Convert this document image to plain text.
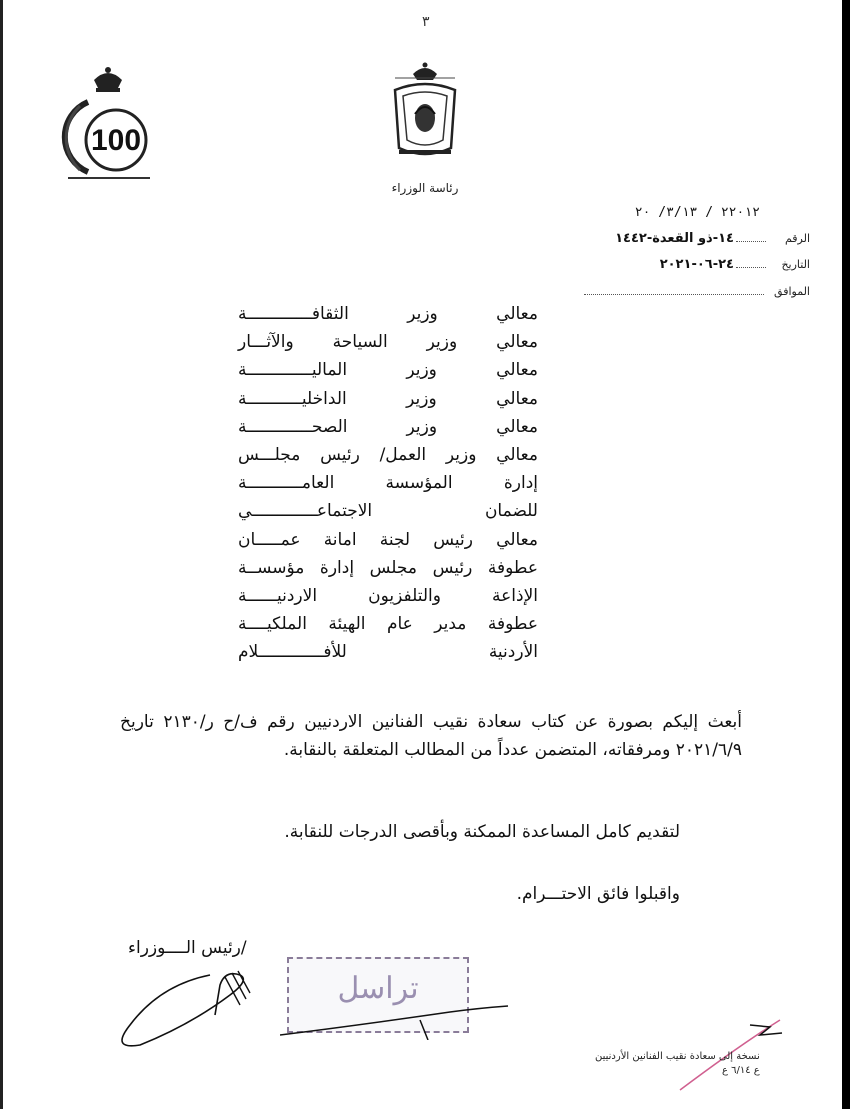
٣
100
رئاسة الوزراء
٢٢٠١٢ / ٣/١٣/ ٢٠
الرقم
١٤-ذو القعدة-١٤٤٢
التاريخ
٢٤-٠٦-٢٠٢١
الموافق
معالي وزير الثقافـــــــــــــة
معالي وزير السياحة والآثـــار
معالي وزير الماليـــــــــــــة
معالي وزير الداخليـــــــــــة
معالي وزير الصحـــــــــــــة
معالي وزير العمل/ رئيس مجلـــس
إدارة المؤسسة العامـــــــــــة
للضمان الاجتماعـــــــــــــي
معالي رئيس لجنة امانة عمـــــان
عطوفة رئيس مجلس إدارة مؤسســة
الإذاعة والتلفزيون الاردنيــــــة
عطوفة مدير عام الهيئة الملكيــــة
الأردنية للأفـــــــــــــلام
أبعث إليكم بصورة عن كتاب سعادة نقيب الفنانين الاردنيين رقم ف/ح ر/٢١٣٠ تاريخ ٢٠٢١/٦/٩ ومرفقاته، المتضمن عدداً من المطالب المتعلقة بالنقابة.
لتقديم كامل المساعدة الممكنة وبأقصى الدرجات للنقابة.
واقبلوا فائق الاحتـــرام.
/رئيس الــــوزراء
تراسل
نسخة إلى سعادة نقيب الفنانين الأردنيين
ع ٦/١٤ ع
